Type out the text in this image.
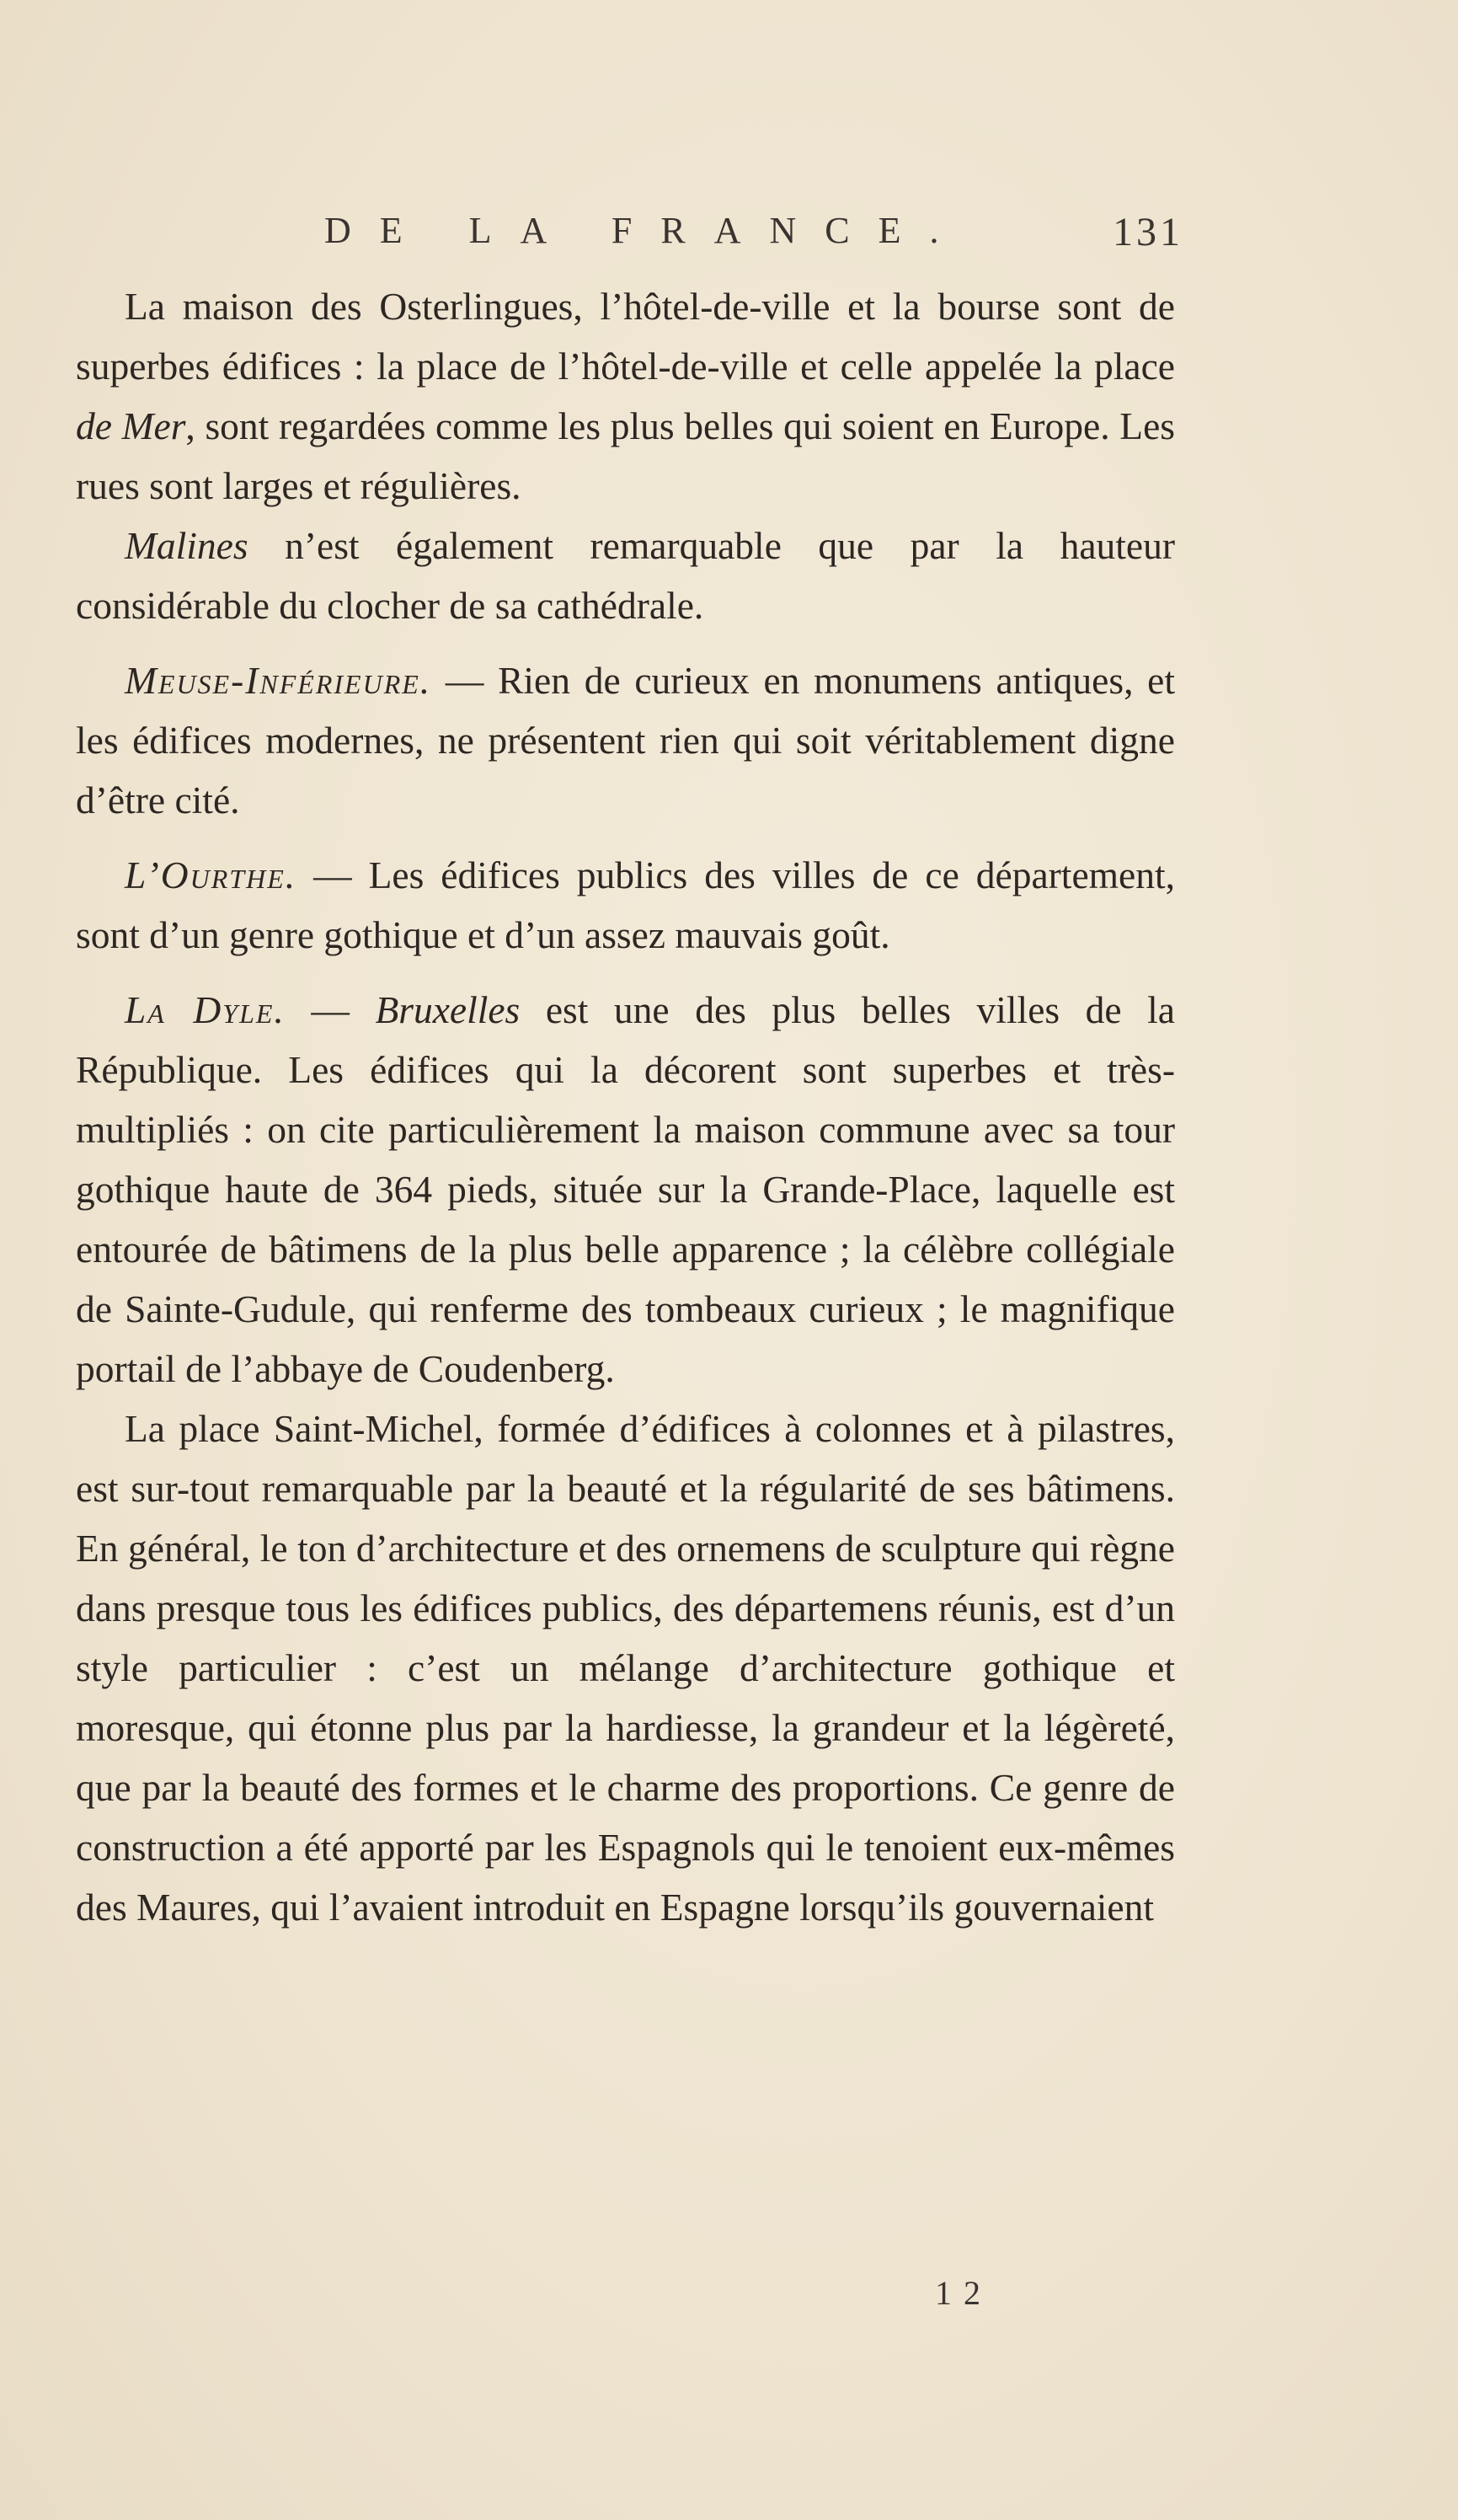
DE LA FRANCE.	131

La maison des Osterlingues, l’hôtel-de-ville et la bourse sont de superbes édifices : la place de l’hôtel-de-ville et celle appelée la place de Mer, sont regardées comme les plus belles qui soient en Europe. Les rues sont larges et régulières.

Malines n’est également remarquable que par la hauteur considérable du clocher de sa cathédrale.

Meuse-Inférieure. — Rien de curieux en monumens antiques, et les édifices modernes, ne présentent rien qui soit véritablement digne d’être cité.

L’Ourthe. — Les édifices publics des villes de ce département, sont d’un genre gothique et d’un assez mauvais goût.

La Dyle. — Bruxelles est une des plus belles villes de la République. Les édifices qui la décorent sont superbes et très-multipliés : on cite particulièrement la maison commune avec sa tour gothique haute de 364 pieds, située sur la Grande-Place, laquelle est entourée de bâtimens de la plus belle apparence ; la célèbre collégiale de Sainte-Gudule, qui renferme des tombeaux curieux ; le magnifique portail de l’abbaye de Coudenberg.

La place Saint-Michel, formée d’édifices à colonnes et à pilastres, est sur-tout remarquable par la beauté et la régularité de ses bâtimens. En général, le ton d’architecture et des ornemens de sculpture qui règne dans presque tous les édifices publics, des départemens réunis, est d’un style particulier : c’est un mélange d’architecture gothique et moresque, qui étonne plus par la hardiesse, la grandeur et la légèreté, que par la beauté des formes et le charme des proportions. Ce genre de construction a été apporté par les Espagnols qui le tenoient eux-mêmes des Maures, qui l’avaient introduit en Espagne lorsqu’ils gouvernaient

12
